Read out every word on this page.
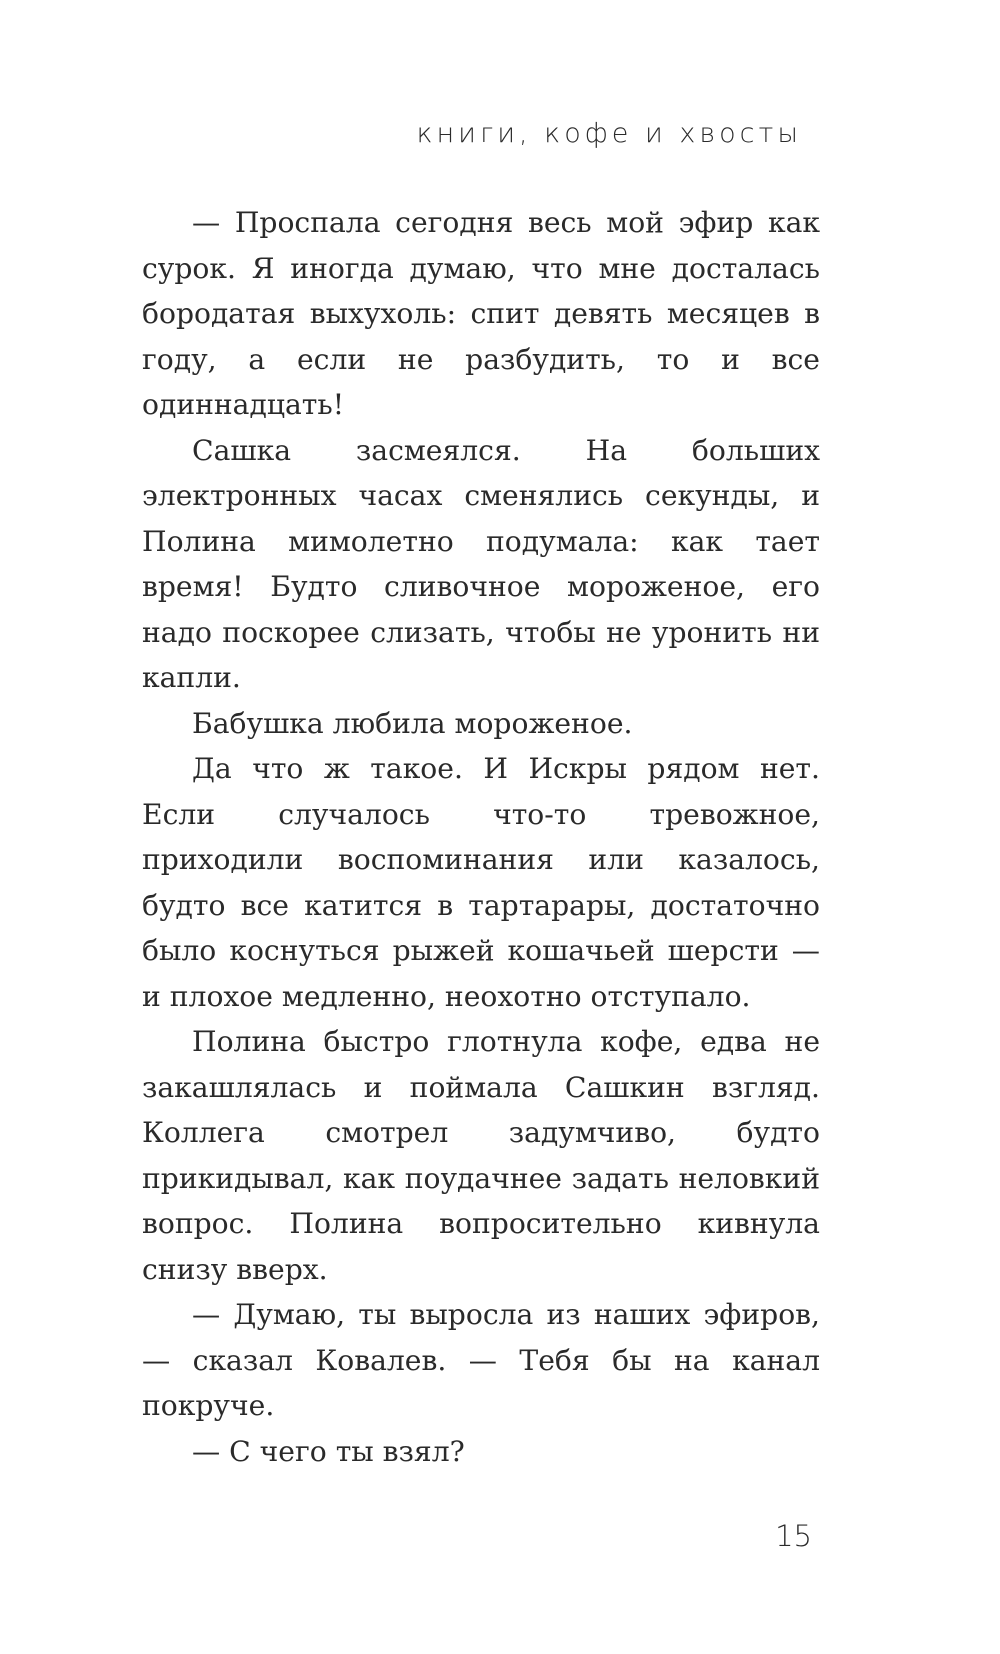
книги, кофе и хвосты

— Проспала сегодня весь мой эфир как сурок. Я иногда думаю, что мне досталась бородатая выхухоль: спит девять месяцев в году, а если не разбудить, то и все одиннадцать!

Сашка засмеялся. На больших электронных часах сменялись секунды, и Полина мимолетно подумала: как тает время! Будто сливочное мороженое, его надо поскорее слизать, чтобы не уронить ни капли.

Бабушка любила мороженое.

Да что ж такое. И Искры рядом нет. Если случалось что-то тревожное, приходили воспоминания или казалось, будто все катится в тартарары, достаточно было коснуться рыжей кошачьей шерсти — и плохое медленно, неохотно отступало.

Полина быстро глотнула кофе, едва не закашлялась и поймала Сашкин взгляд. Коллега смотрел задумчиво, будто прикидывал, как поудачнее задать неловкий вопрос. Полина вопросительно кивнула снизу вверх.

— Думаю, ты выросла из наших эфиров, — сказал Ковалев. — Тебя бы на канал покруче.

— С чего ты взял?

15
